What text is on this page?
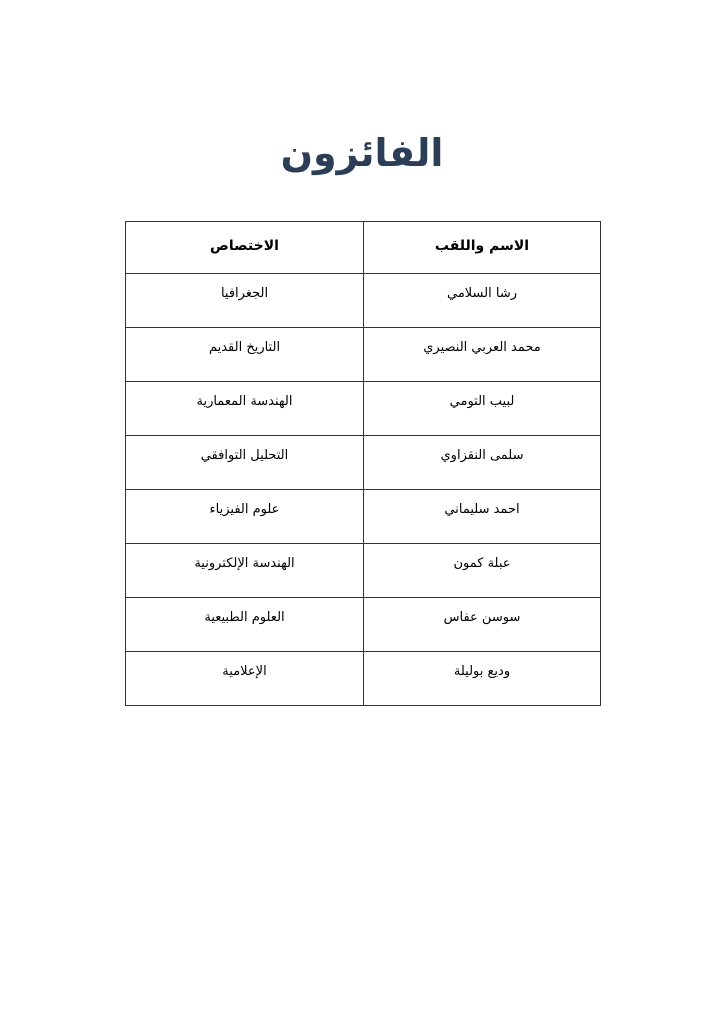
الفائزون
الاسم واللقب	الاختصاص
رشا السلامي	الجغرافيا
محمد العربي النصيري	التاريخ القديم
لبيب التومي	الهندسة المعمارية
سلمى النقزاوي	التحليل التوافقي
احمد سليماني	علوم الفيزياء
عبلة كمون	الهندسة الإلكترونية
سوسن عفاس	العلوم الطبيعية
وديع بوليلة	الإعلامية
